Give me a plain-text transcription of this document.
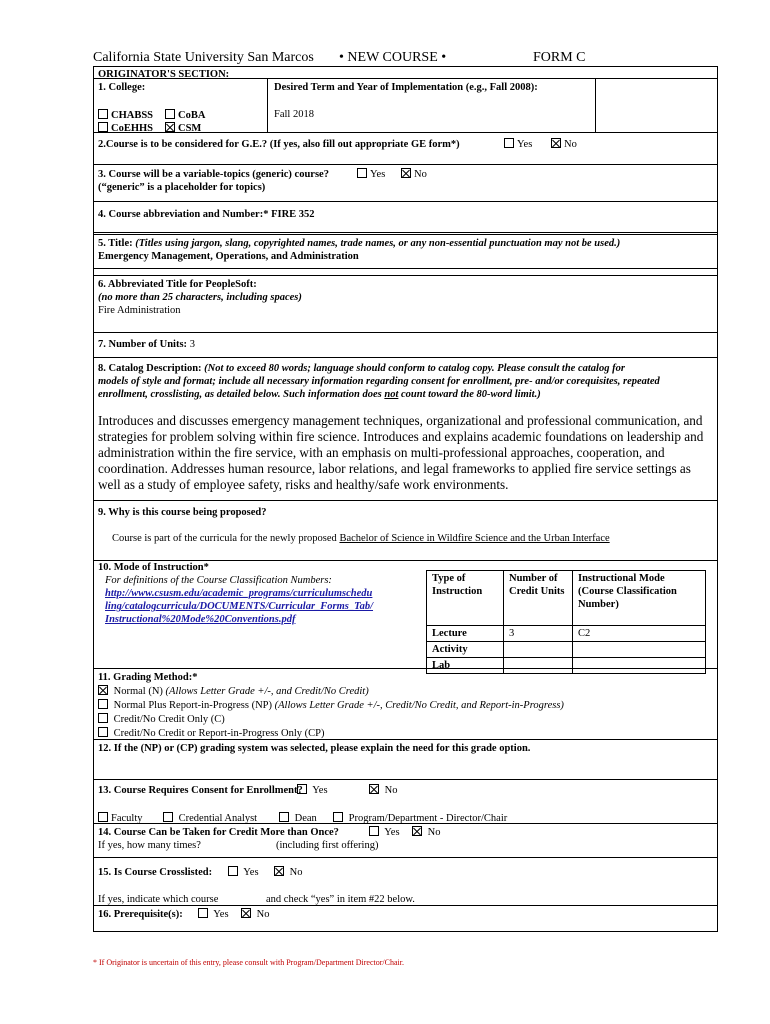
California State University San Marcos • NEW COURSE •	FORM C
ORIGINATOR'S SECTION:
1. College:	Desired Term and Year of Implementation (e.g., Fall 2008):
Fall 2018
CHABSS	CoBA
CoEHHS	CSM
2.Course is to be considered for G.E.? (If yes, also fill out appropriate GE form*)	Yes	No
3. Course will be a variable-topics (generic) course?	Yes	No
(“generic” is a placeholder for topics)
4. Course abbreviation and Number:* FIRE 352
5. Title: (Titles using jargon, slang, copyrighted names, trade names, or any non-essential punctuation may not be used.)
Emergency Management, Operations, and Administration
6. Abbreviated Title for PeopleSoft:
(no more than 25 characters, including spaces)
Fire Administration
7. Number of Units: 3
8. Catalog Description: (Not to exceed 80 words; language should conform to catalog copy. Please consult the catalog for
models of style and format; include all necessary information regarding consent for enrollment, pre- and/or corequisites, repeated
enrollment, crosslisting, as detailed below. Such information does not count toward the 80-word limit.)
Introduces and discusses emergency management techniques, organizational and professional communication, and strategies for problem solving within fire science. Introduces and explains academic foundations on leadership and administration within the fire service, with an emphasis on multi-professional approaches, cooperation, and coordination. Addresses human resource, labor relations, and legal frameworks to applied fire service settings as well as a study of employee safety, risks and healthy/safe work environments.
9. Why is this course being proposed?
Course is part of the curricula for the newly proposed Bachelor of Science in Wildfire Science and the Urban Interface
10. Mode of Instruction*
For definitions of the Course Classification Numbers:
http://www.csusm.edu/academic_programs/curriculumschedu
ling/catalogcurricula/DOCUMENTS/Curricular_Forms_Tab/
Instructional%20Mode%20Conventions.pdf
11. Grading Method:*
Normal (N) (Allows Letter Grade +/-, and Credit/No Credit)
Normal Plus Report-in-Progress (NP) (Allows Letter Grade +/-, Credit/No Credit, and Report-in-Progress)
Credit/No Credit Only (C)
Credit/No Credit or Report-in-Progress Only (CP)
12. If the (NP) or (CP) grading system was selected, please explain the need for this grade option.
13. Course Requires Consent for Enrollment? Yes	No
Faculty	Credential Analyst	Dean	Program/Department - Director/Chair
14. Course Can be Taken for Credit More than Once?	Yes	No
If yes, how many times?	(including first offering)
15. Is Course Crosslisted:	Yes	No
If yes, indicate which course	and check “yes” in item #22 below.
16. Prerequisite(s):	Yes	No
Type of Instruction	Number of Credit Units	Instructional Mode (Course Classification Number)
Lecture	3	C2
Activity		
Lab		
* If Originator is uncertain of this entry, please consult with Program/Department Director/Chair.
